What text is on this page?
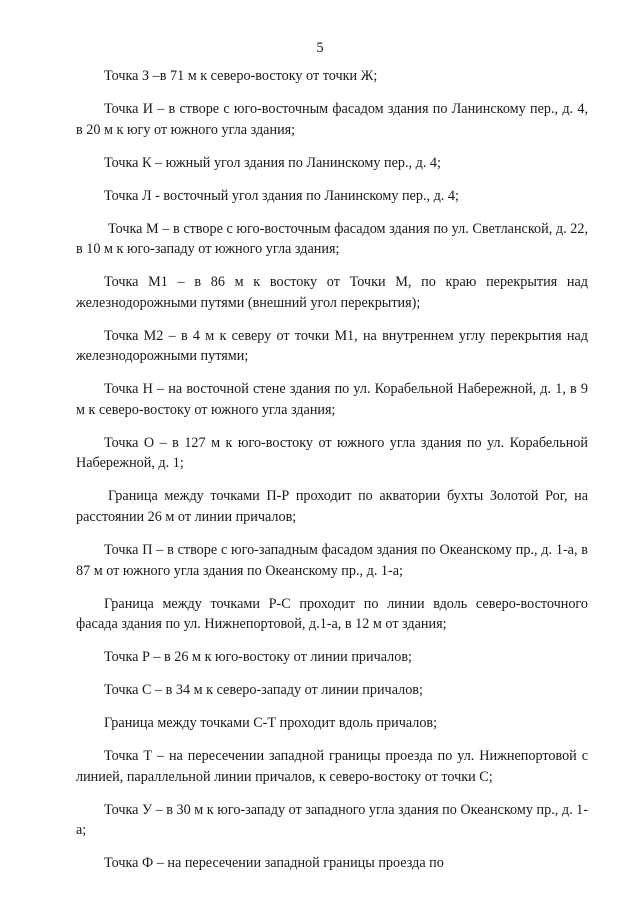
5

Точка З –в 71 м к северо-востоку от точки Ж;

Точка И – в створе с юго-восточным фасадом здания по Ланинскому пер., д. 4, в 20 м к югу от южного угла здания;

Точка К – южный угол здания по Ланинскому пер., д. 4;

Точка Л - восточный угол здания по Ланинскому пер., д. 4;

Точка М – в створе с юго-восточным фасадом здания по ул. Светланской, д. 22, в 10 м к юго-западу от южного угла здания;

Точка М1 – в 86 м к востоку от Точки М, по краю перекрытия над железнодорожными путями (внешний угол перекрытия);

Точка М2 – в 4 м к северу от точки М1, на внутреннем углу перекрытия над железнодорожными путями;

Точка Н – на восточной стене здания по ул. Корабельной Набережной, д. 1, в 9 м к северо-востоку от южного угла здания;

Точка О – в 127 м к юго-востоку от южного угла здания по ул. Корабельной Набережной, д. 1;

Граница между точками П-Р проходит по акватории бухты Золотой Рог, на расстоянии 26 м от линии причалов;

Точка П – в створе с юго-западным фасадом здания по Океанскому пр., д. 1-а, в 87 м от южного угла здания по Океанскому пр., д. 1-а;

Граница между точками Р-С проходит по линии вдоль северо-восточного фасада здания по ул. Нижнепортовой, д.1-а, в 12 м от здания;

Точка Р – в 26 м к юго-востоку от линии причалов;

Точка С – в 34 м к северо-западу от линии причалов;

Граница между точками С-Т проходит вдоль причалов;

Точка Т – на пересечении западной границы проезда по ул. Нижнепортовой с линией, параллельной линии причалов, к северо-востоку от точки С;

Точка У – в 30 м к юго-западу от западного угла здания по Океанскому пр., д. 1-а;

Точка Ф – на пересечении западной границы проезда по
